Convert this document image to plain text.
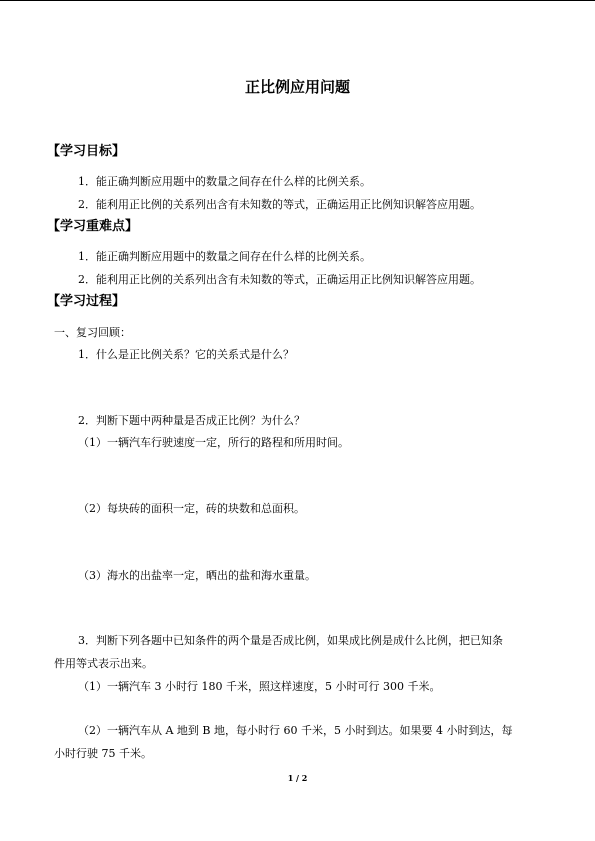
正比例应用问题
【学习目标】
1．能正确判断应用题中的数量之间存在什么样的比例关系。
2．能利用正比例的关系列出含有未知数的等式，正确运用正比例知识解答应用题。
【学习重难点】
1．能正确判断应用题中的数量之间存在什么样的比例关系。
2．能利用正比例的关系列出含有未知数的等式，正确运用正比例知识解答应用题。
【学习过程】
一、复习回顾：
1．什么是正比例关系？它的关系式是什么？
2．判断下题中两种量是否成正比例？为什么？
（1）一辆汽车行驶速度一定，所行的路程和所用时间。
（2）每块砖的面积一定，砖的块数和总面积。
（3）海水的出盐率一定，晒出的盐和海水重量。
3．判断下列各题中已知条件的两个量是否成比例，如果成比例是成什么比例，把已知条
件用等式表示出来。
（1）一辆汽车 3 小时行 180 千米，照这样速度，5 小时可行 300 千米。
（2）一辆汽车从 A 地到 B 地，每小时行 60 千米，5 小时到达。如果要 4 小时到达，每
小时行驶 75 千米。
1 / 2
